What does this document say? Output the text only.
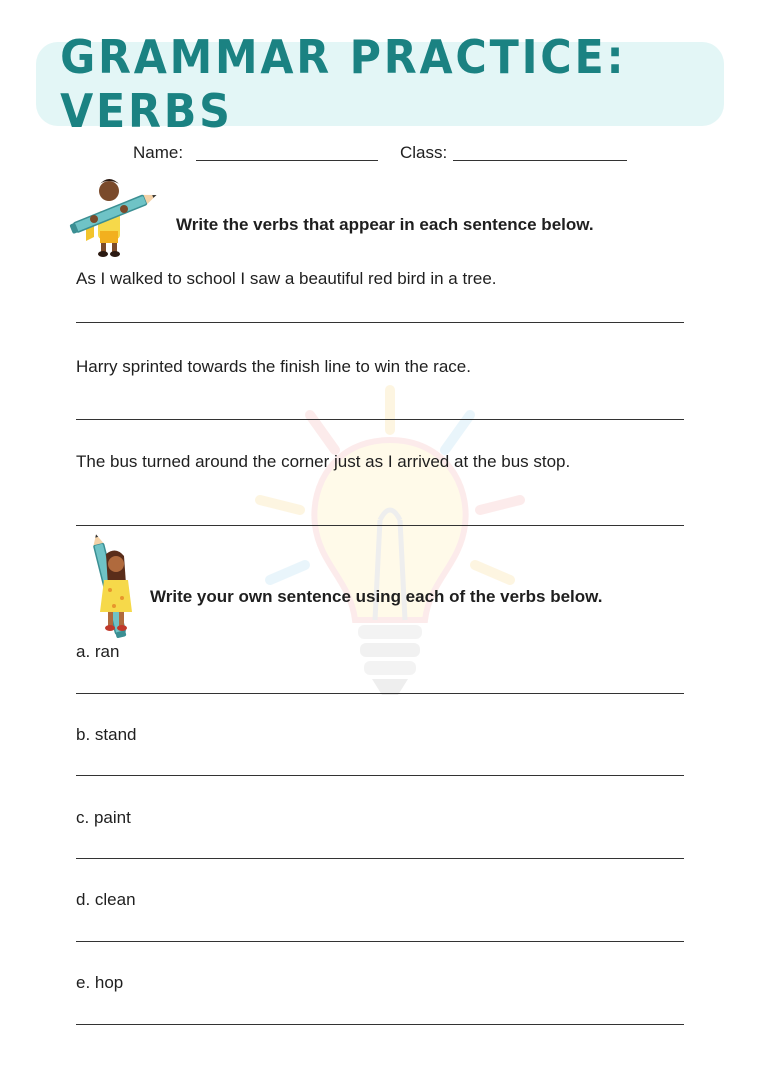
GRAMMAR PRACTICE: VERBS
Name:	Class:
Write the verbs that appear in each sentence below.
As I walked to school I saw a beautiful red bird in a tree.
Harry sprinted towards the finish line to win the race.
The bus turned around the corner just as I arrived at the bus stop.
Write your own sentence using each of the verbs below.
a. ran
b. stand
c. paint
d. clean
e. hop
